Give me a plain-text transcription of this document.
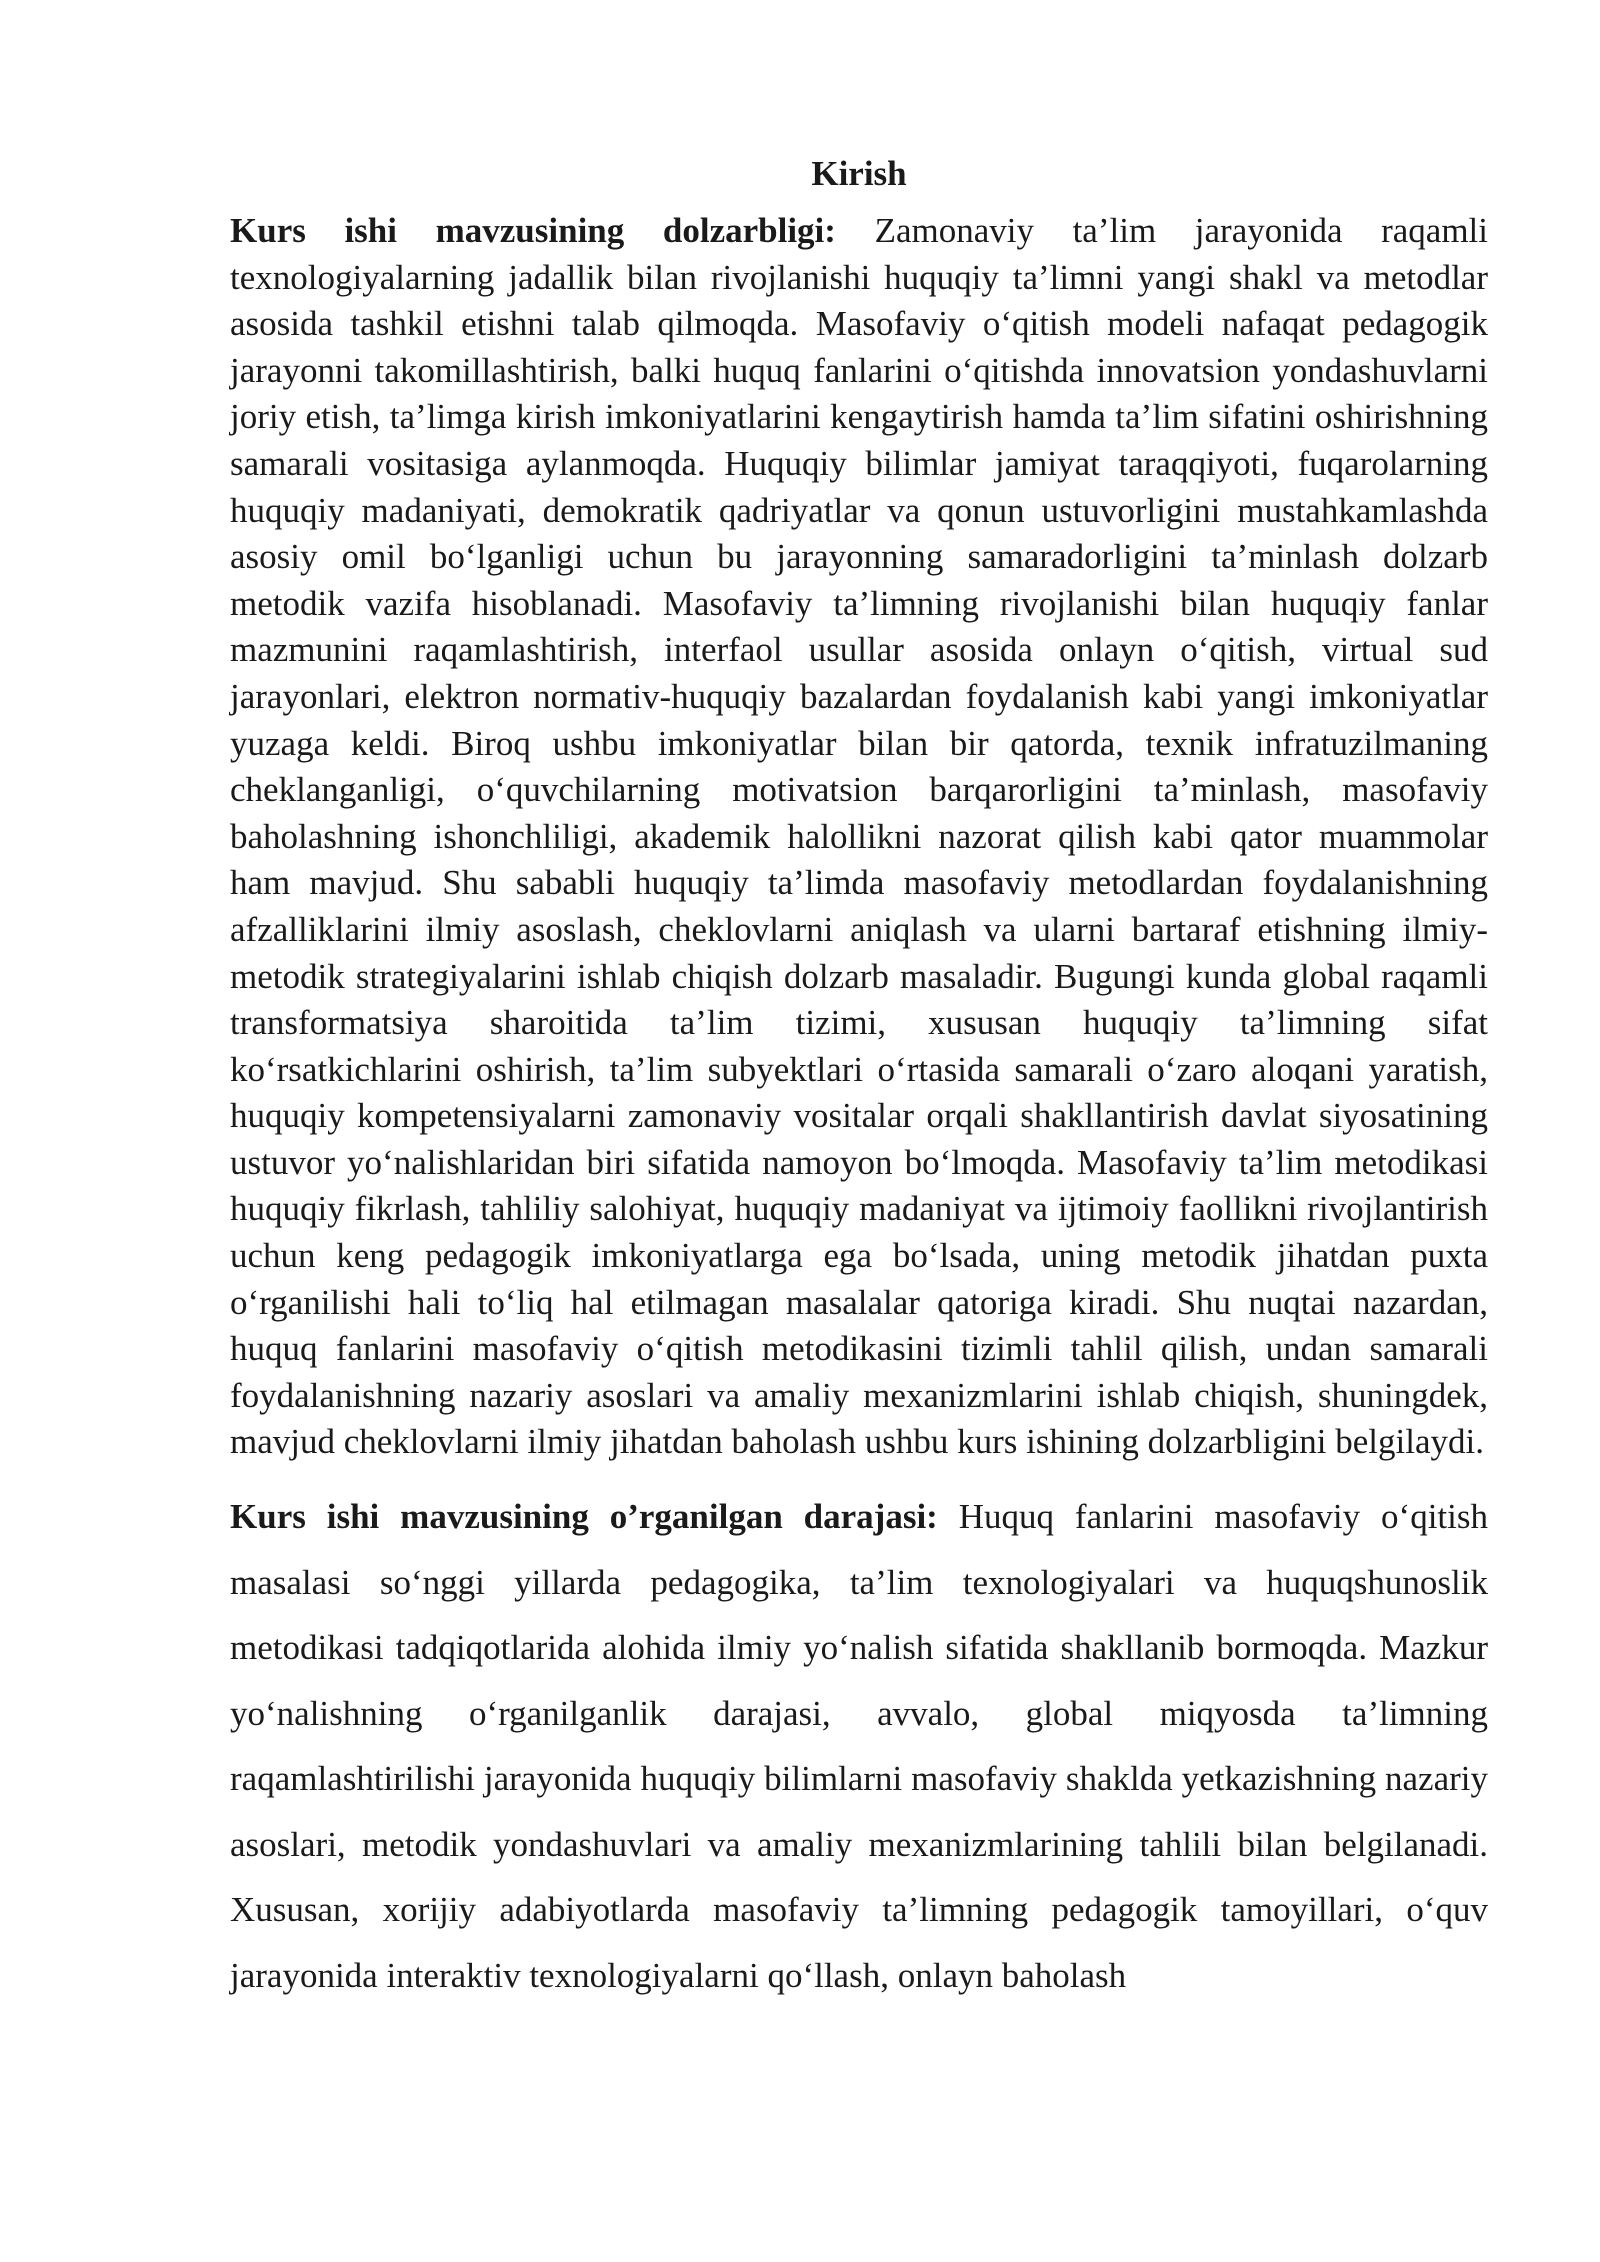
Kirish

Kurs ishi mavzusining dolzarbligi: Zamonaviy ta’lim jarayonida raqamli texnologiyalarning jadallik bilan rivojlanishi huquqiy ta’limni yangi shakl va metodlar asosida tashkil etishni talab qilmoqda. Masofaviy o‘qitish modeli nafaqat pedagogik jarayonni takomillashtirish, balki huquq fanlarini o‘qitishda innovatsion yondashuvlarni joriy etish, ta’limga kirish imkoniyatlarini kengaytirish hamda ta’lim sifatini oshirishning samarali vositasiga aylanmoqda. Huquqiy bilimlar jamiyat taraqqiyoti, fuqarolarning huquqiy madaniyati, demokratik qadriyatlar va qonun ustuvorligini mustahkamlashda asosiy omil bo‘lganligi uchun bu jarayonning samaradorligini ta’minlash dolzarb metodik vazifa hisoblanadi. Masofaviy ta’limning rivojlanishi bilan huquqiy fanlar mazmunini raqamlashtirish, interfaol usullar asosida onlayn o‘qitish, virtual sud jarayonlari, elektron normativ-huquqiy bazalardan foydalanish kabi yangi imkoniyatlar yuzaga keldi. Biroq ushbu imkoniyatlar bilan bir qatorda, texnik infratuzilmaning cheklanganligi, o‘quvchilarning motivatsion barqarorligini ta’minlash, masofaviy baholashning ishonchliligi, akademik halollikni nazorat qilish kabi qator muammolar ham mavjud. Shu sababli huquqiy ta’limda masofaviy metodlardan foydalanishning afzalliklarini ilmiy asoslash, cheklovlarni aniqlash va ularni bartaraf etishning ilmiy-metodik strategiyalarini ishlab chiqish dolzarb masaladir. Bugungi kunda global raqamli transformatsiya sharoitida ta’lim tizimi, xususan huquqiy ta’limning sifat ko‘rsatkichlarini oshirish, ta’lim subyektlari o‘rtasida samarali o‘zaro aloqani yaratish, huquqiy kompetensiyalarni zamonaviy vositalar orqali shakllantirish davlat siyosatining ustuvor yo‘nalishlaridan biri sifatida namoyon bo‘lmoqda. Masofaviy ta’lim metodikasi huquqiy fikrlash, tahliliy salohiyat, huquqiy madaniyat va ijtimoiy faollikni rivojlantirish uchun keng pedagogik imkoniyatlarga ega bo‘lsada, uning metodik jihatdan puxta o‘rganilishi hali to‘liq hal etilmagan masalalar qatoriga kiradi. Shu nuqtai nazardan, huquq fanlarini masofaviy o‘qitish metodikasini tizimli tahlil qilish, undan samarali foydalanishning nazariy asoslari va amaliy mexanizmlarini ishlab chiqish, shuningdek, mavjud cheklovlarni ilmiy jihatdan baholash ushbu kurs ishining dolzarbligini belgilaydi.

Kurs ishi mavzusining o’rganilgan darajasi: Huquq fanlarini masofaviy o‘qitish masalasi so‘nggi yillarda pedagogika, ta’lim texnologiyalari va huquqshunoslik metodikasi tadqiqotlarida alohida ilmiy yo‘nalish sifatida shakllanib bormoqda. Mazkur yo‘nalishning o‘rganilganlik darajasi, avvalo, global miqyosda ta’limning raqamlashtirilishi jarayonida huquqiy bilimlarni masofaviy shaklda yetkazishning nazariy asoslari, metodik yondashuvlari va amaliy mexanizmlarining tahlili bilan belgilanadi. Xususan, xorijiy adabiyotlarda masofaviy ta’limning pedagogik tamoyillari, o‘quv jarayonida interaktiv texnologiyalarni qo‘llash, onlayn baholash
